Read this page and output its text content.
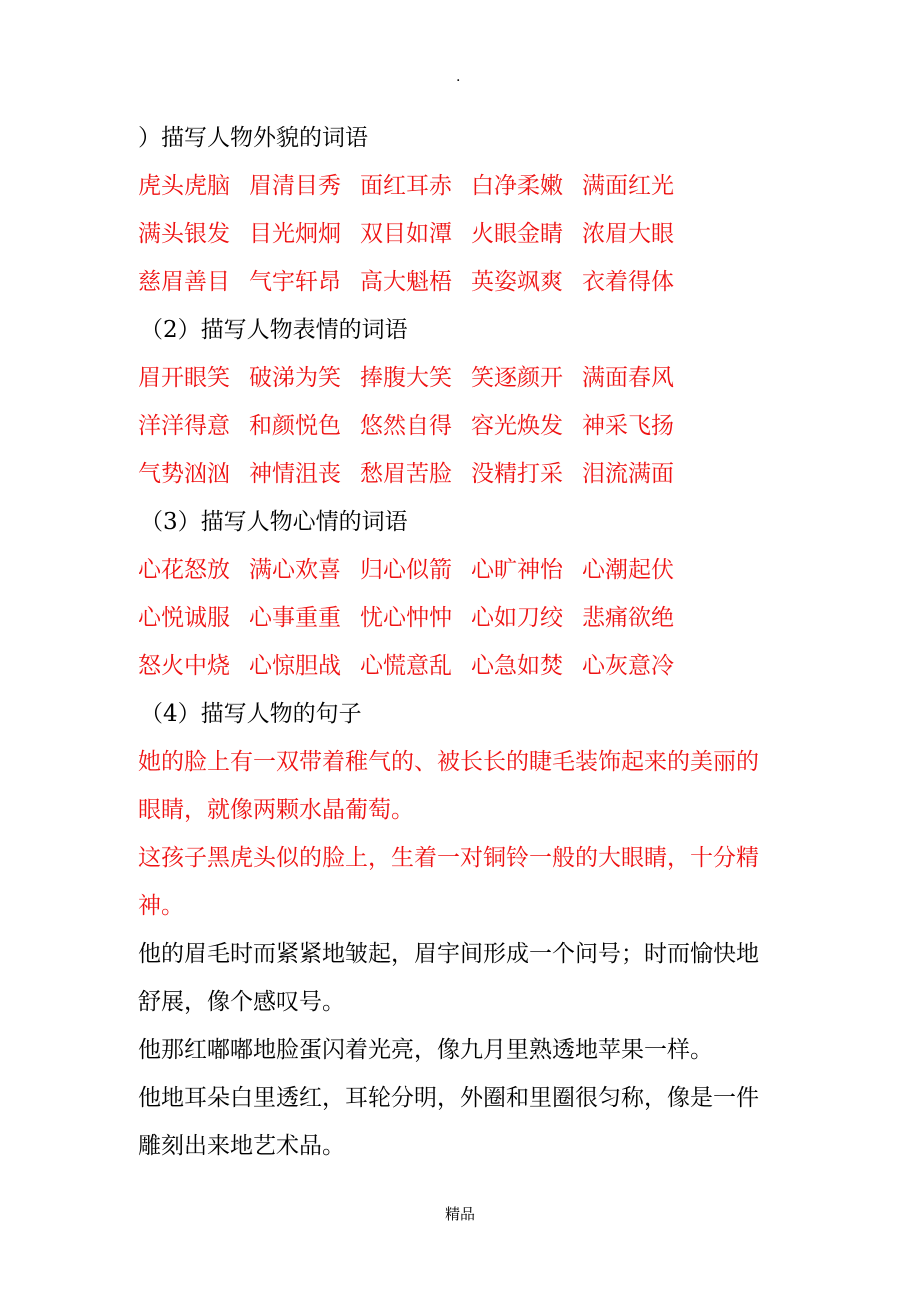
.
）描写人物外貌的词语
虎头虎脑 眉清目秀 面红耳赤 白净柔嫩 满面红光
满头银发 目光炯炯 双目如潭 火眼金睛 浓眉大眼
慈眉善目 气宇轩昂 高大魁梧 英姿飒爽 衣着得体
（2）描写人物表情的词语
眉开眼笑 破涕为笑 捧腹大笑 笑逐颜开 满面春风
洋洋得意 和颜悦色 悠然自得 容光焕发 神采飞扬
气势汹汹 神情沮丧 愁眉苦脸 没精打采 泪流满面
（3）描写人物心情的词语
心花怒放 满心欢喜 归心似箭 心旷神怡 心潮起伏
心悦诚服 心事重重 忧心忡忡 心如刀绞 悲痛欲绝
怒火中烧 心惊胆战 心慌意乱 心急如焚 心灰意冷
（4）描写人物的句子
她的脸上有一双带着稚气的、被长长的睫毛装饰起来的美丽的眼睛，就像两颗水晶葡萄。
这孩子黑虎头似的脸上，生着一对铜铃一般的大眼睛，十分精神。
他的眉毛时而紧紧地皱起，眉宇间形成一个问号；时而愉快地舒展，像个感叹号。
他那红嘟嘟地脸蛋闪着光亮，像九月里熟透地苹果一样。
他地耳朵白里透红，耳轮分明，外圈和里圈很匀称，像是一件雕刻出来地艺术品。
精品
